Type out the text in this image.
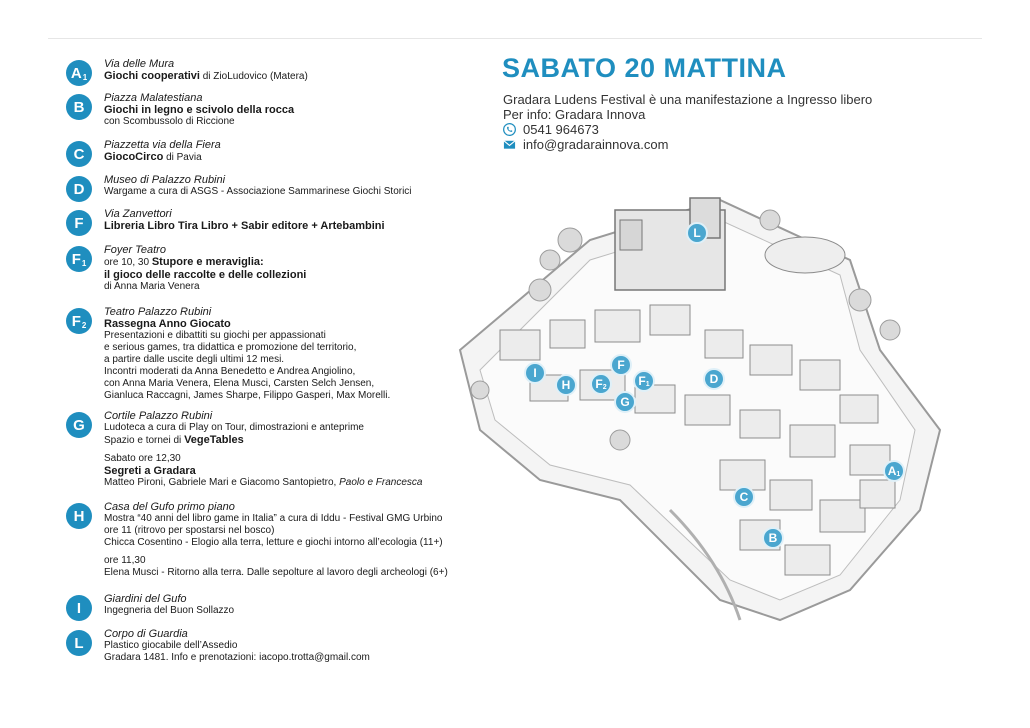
$A_1$
Via delle Mura
Giochi cooperativi di ZioLudovico (Matera)
B
Piazza Malatestiana
Giochi in legno e scivolo della rocca
con Scombussolo di Riccione
C
Piazzetta via della Fiera
GiocoCirco di Pavia
D
Museo di Palazzo Rubini
Wargame a cura di ASGS - Associazione Sammarinese Giochi Storici
F
Via Zanvettori
Libreria Libro Tira Libro + Sabir editore + Artebambini
$F_1$
Foyer Teatro
ore 10, 30 Stupore e meraviglia:
il gioco delle raccolte e delle collezioni
di Anna Maria Venera
$F_2$
Teatro Palazzo Rubini
Rassegna Anno Giocato
Presentazioni e dibattiti su giochi per appassionati
e serious games, tra didattica e promozione del territorio,
a partire dalle uscite degli ultimi 12 mesi.
Incontri moderati da Anna Benedetto e Andrea Angiolino,
con Anna Maria Venera, Elena Musci, Carsten Selch Jensen,
Gianluca Raccagni, James Sharpe, Filippo Gasperi, Max Morelli.
G
Cortile Palazzo Rubini
Ludoteca a cura di Play on Tour, dimostrazioni e anteprime
Spazio e tornei di VegeTables
Sabato ore 12,30
Segreti a Gradara
Matteo Pironi, Gabriele Mari e Giacomo Santopietro, Paolo e Francesca
H
Casa del Gufo primo piano
Mostra “40 anni del libro game in Italia” a cura di Iddu - Festival GMG Urbino
ore 11 (ritrovo per spostarsi nel bosco)
Chicca Cosentino - Elogio alla terra, letture e giochi intorno all’ecologia (11+)
ore 11,30
Elena Musci - Ritorno alla terra. Dalle sepolture al lavoro degli archeologi (6+)
I
Giardini del Gufo
Ingegneria del Buon Sollazzo
L
Corpo di Guardia
Plastico giocabile dell’Assedio
Gradara 1481. Info e prenotazioni: iacopo.trotta@gmail.com
SABATO 20 MATTINA
Gradara Ludens Festival è una manifestazione a Ingresso libero
Per info: Gradara Innova
0541 964673
info@gradarainnova.com
L
I
H $F_2$
F
$F_1$
G
D
$A_1$
C
B
